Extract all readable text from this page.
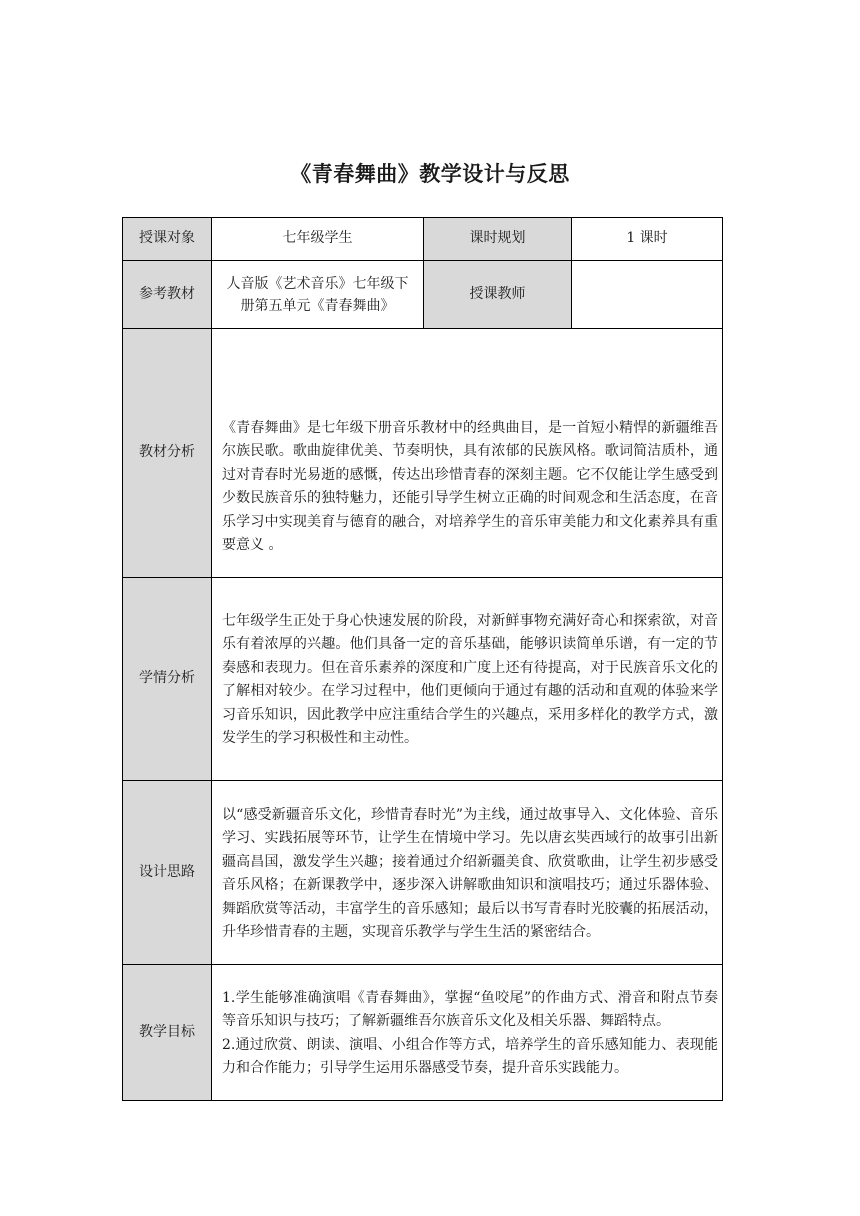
《青春舞曲》教学设计与反思
授课对象	七年级学生	课时规划	1 课时
参考教材	人音版《艺术音乐》七年级下册第五单元《青春舞曲》	授课教师	
教材分析	《青春舞曲》是七年级下册音乐教材中的经典曲目，是一首短小精悍的新疆维吾尔族民歌。歌曲旋律优美、节奏明快，具有浓郁的民族风格。歌词简洁质朴，通过对青春时光易逝的感慨，传达出珍惜青春的深刻主题。它不仅能让学生感受到少数民族音乐的独特魅力，还能引导学生树立正确的时间观念和生活态度，在音乐学习中实现美育与德育的融合，对培养学生的音乐审美能力和文化素养具有重要意义 。		

学情分析	七年级学生正处于身心快速发展的阶段，对新鲜事物充满好奇心和探索欲，对音乐有着浓厚的兴趣。他们具备一定的音乐基础，能够识读简单乐谱，有一定的节奏感和表现力。但在音乐素养的深度和广度上还有待提高，对于民族音乐文化的了解相对较少。在学习过程中，他们更倾向于通过有趣的活动和直观的体验来学习音乐知识，因此教学中应注重结合学生的兴趣点，采用多样化的教学方式，激发学生的学习积极性和主动性。		

设计思路	以“感受新疆音乐文化，珍惜青春时光”为主线，通过故事导入、文化体验、音乐学习、实践拓展等环节，让学生在情境中学习。先以唐玄奘西域行的故事引出新疆高昌国，激发学生兴趣；接着通过介绍新疆美食、欣赏歌曲，让学生初步感受音乐风格；在新课教学中，逐步深入讲解歌曲知识和演唱技巧；通过乐器体验、舞蹈欣赏等活动，丰富学生的音乐感知；最后以书写青春时光胶囊的拓展活动，升华珍惜青春的主题，实现音乐教学与学生生活的紧密结合。		

教学目标	1.学生能够准确演唱《青春舞曲》，掌握“鱼咬尾”的作曲方式、滑音和附点节奏等音乐知识与技巧；了解新疆维吾尔族音乐文化及相关乐器、舞蹈特点。
2.通过欣赏、朗读、演唱、小组合作等方式，培养学生的音乐感知能力、表现能力和合作能力；引导学生运用乐器感受节奏，提升音乐实践能力。		
